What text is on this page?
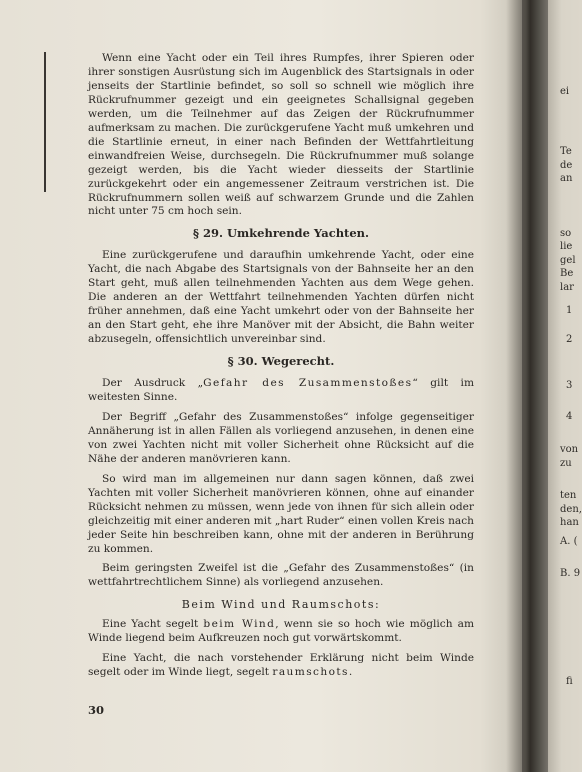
Wenn eine Yacht oder ein Teil ihres Rumpfes, ihrer Spieren oder ihrer sonstigen Ausrüstung sich im Augenblick des Startsignals in oder jenseits der Startlinie befindet, so soll so schnell wie möglich ihre Rückrufnummer gezeigt und ein geeignetes Schallsignal gegeben werden, um die Teilnehmer auf das Zeigen der Rückrufnummer aufmerksam zu machen. Die zurückgerufene Yacht muß umkehren und die Startlinie erneut, in einer nach Befinden der Wettfahrtleitung einwandfreien Weise, durchsegeln. Die Rückrufnummer muß solange gezeigt werden, bis die Yacht wieder diesseits der Startlinie zurückgekehrt oder ein angemessener Zeitraum verstrichen ist. Die Rückrufnummern sollen weiß auf schwarzem Grunde und die Zahlen nicht unter 75 cm hoch sein.

§ 29. Umkehrende Yachten.

Eine zurückgerufene und daraufhin umkehrende Yacht, oder eine Yacht, die nach Abgabe des Startsignals von der Bahnseite her an den Start geht, muß allen teilnehmenden Yachten aus dem Wege gehen. Die anderen an der Wettfahrt teilnehmenden Yachten dürfen nicht früher annehmen, daß eine Yacht umkehrt oder von der Bahnseite her an den Start geht, ehe ihre Manöver mit der Absicht, die Bahn weiter abzusegeln, offensichtlich unvereinbar sind.

§ 30. Wegerecht.

Der Ausdruck „Gefahr des Zusammenstoßes“ gilt im weitesten Sinne.

Der Begriff „Gefahr des Zusammenstoßes“ infolge gegenseitiger Annäherung ist in allen Fällen als vorliegend anzusehen, in denen eine von zwei Yachten nicht mit voller Sicherheit ohne Rücksicht auf die Nähe der anderen manövrieren kann.

So wird man im allgemeinen nur dann sagen können, daß zwei Yachten mit voller Sicherheit manövrieren können, ohne auf einander Rücksicht nehmen zu müssen, wenn jede von ihnen für sich allein oder gleichzeitig mit einer anderen mit „hart Ruder“ einen vollen Kreis nach jeder Seite hin beschreiben kann, ohne mit der anderen in Berührung zu kommen.

Beim geringsten Zweifel ist die „Gefahr des Zusammenstoßes“ (in wettfahrtrechtlichem Sinne) als vorliegend anzusehen.

Beim Wind und Raumschots:

Eine Yacht segelt beim Wind, wenn sie so hoch wie möglich am Winde liegend beim Aufkreuzen noch gut vorwärtskommt.

Eine Yacht, die nach vorstehender Erklärung nicht beim Winde segelt oder im Winde liegt, segelt raumschots.

30
ei
Te
de
an
so
lie
gel
Be
lar
1
2
3
4
von
zu
ten
den,
han
A. (
B. 9
fi
